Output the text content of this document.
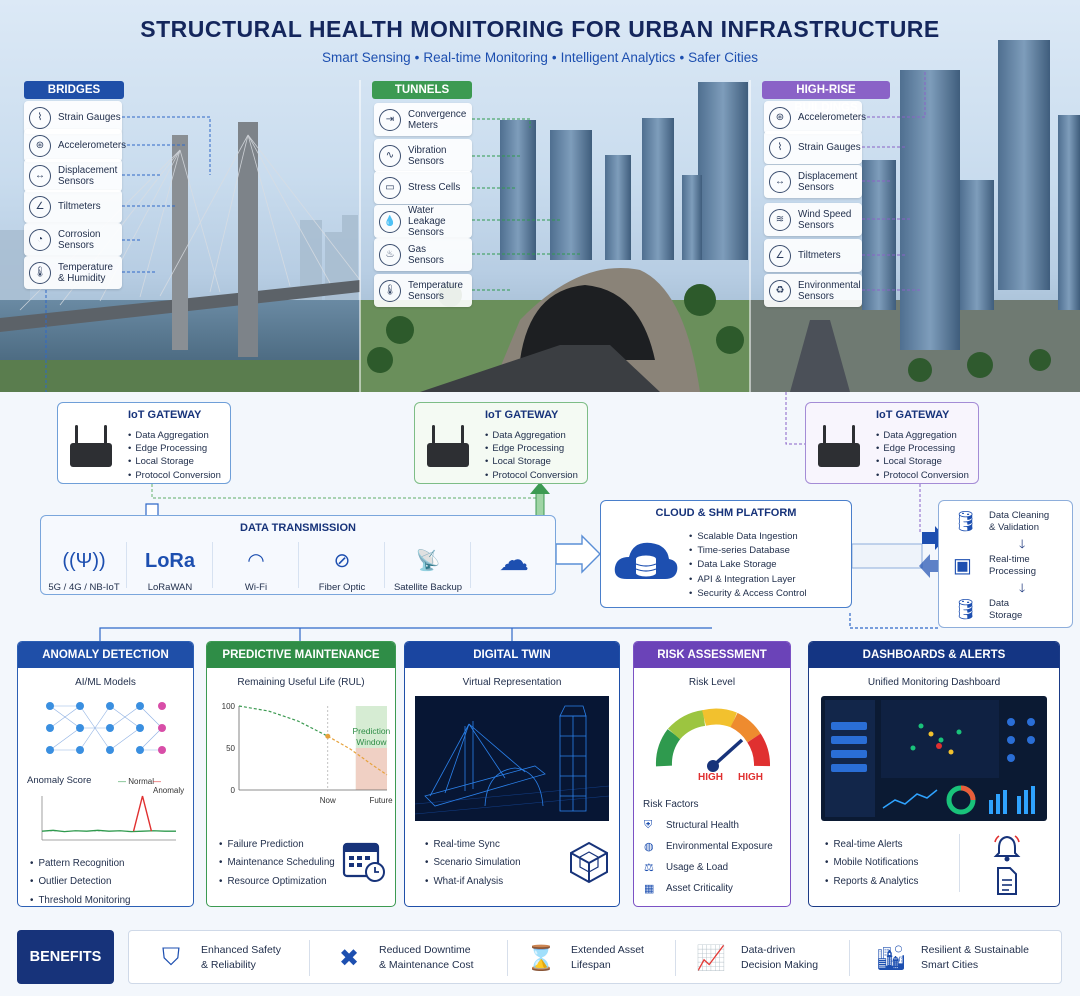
STRUCTURAL HEALTH MONITORING FOR URBAN INFRASTRUCTURE
Smart Sensing • Real-time Monitoring • Intelligent Analytics • Safer Cities
BRIDGES	TUNNELS	HIGH-RISE
⌇	Strain Gauges
⊛	Accelerometers
↔	Displacement
Sensors
∠	Tiltmeters
◔	Corrosion
Sensors
🌡	Temperature
& Humidity
⇥	Convergence
Meters
∿	Vibration
Sensors
▭	Stress Cells
💧
Water Leakage
Sensors
♨	Gas
Sensors
🌡	Temperature
Sensors
⊛	Accelerometers
⌇	Strain Gauges
↔	Displacement
Sensors
≋	Wind Speed
Sensors
∠	Tiltmeters
♻	Environmental
Sensors
IoT GATEWAY
• Data Aggregation
• Edge Processing
• Local Storage
• Protocol Conversion
IoT GATEWAY
• Data Aggregation
• Edge Processing
• Local Storage
• Protocol Conversion
IoT GATEWAY
• Data Aggregation
• Edge Processing
• Local Storage
• Protocol Conversion
DATA TRANSMISSION
((Ψ))
5G / 4G / NB-IoT
LoRa
LoRaWAN
◠
Wi-Fi
⊘
Fiber Optic
📡
Satellite Backup
☁
CLOUD & SHM PLATFORM
• Scalable Data Ingestion
• Time-series Database
• Data Lake Storage
• API & Integration Layer
• Security & Access Control
🛢 Data Cleaning
& Validation
🡓
▣ Real-time
Processing
🡓
🛢 Data
Storage
ANOMALY DETECTION
AI/ML Models
Anomaly Score	— Normal
— Anomaly
• Pattern Recognition
• Outlier Detection
• Threshold Monitoring
PREDICTIVE MAINTENANCE
Remaining Useful Life (RUL)
0
50
100
Now	Future
Prediction
Window
• Failure Prediction
• Maintenance Scheduling
• Resource Optimization
DIGITAL TWIN
Virtual Representation
• Real-time Sync
• Scenario Simulation
• What-if Analysis
RISK ASSESSMENT
Risk Level
HIGH HIGH
Risk Factors
⛨ Structural Health
◍ Environmental Exposure
⚖ Usage & Load
▦ Asset Criticality
DASHBOARDS & ALERTS
Unified Monitoring Dashboard
• Real-time Alerts
• Mobile Notifications
• Reports & Analytics
BENEFITS	⛉	Enhanced Safety
& Reliability	✖	Reduced Downtime
& Maintenance Cost ⌛	Extended Asset
Lifespan	📈	Data-driven
Decision Making 🏙	Resilient & Sustainable
Smart Cities
